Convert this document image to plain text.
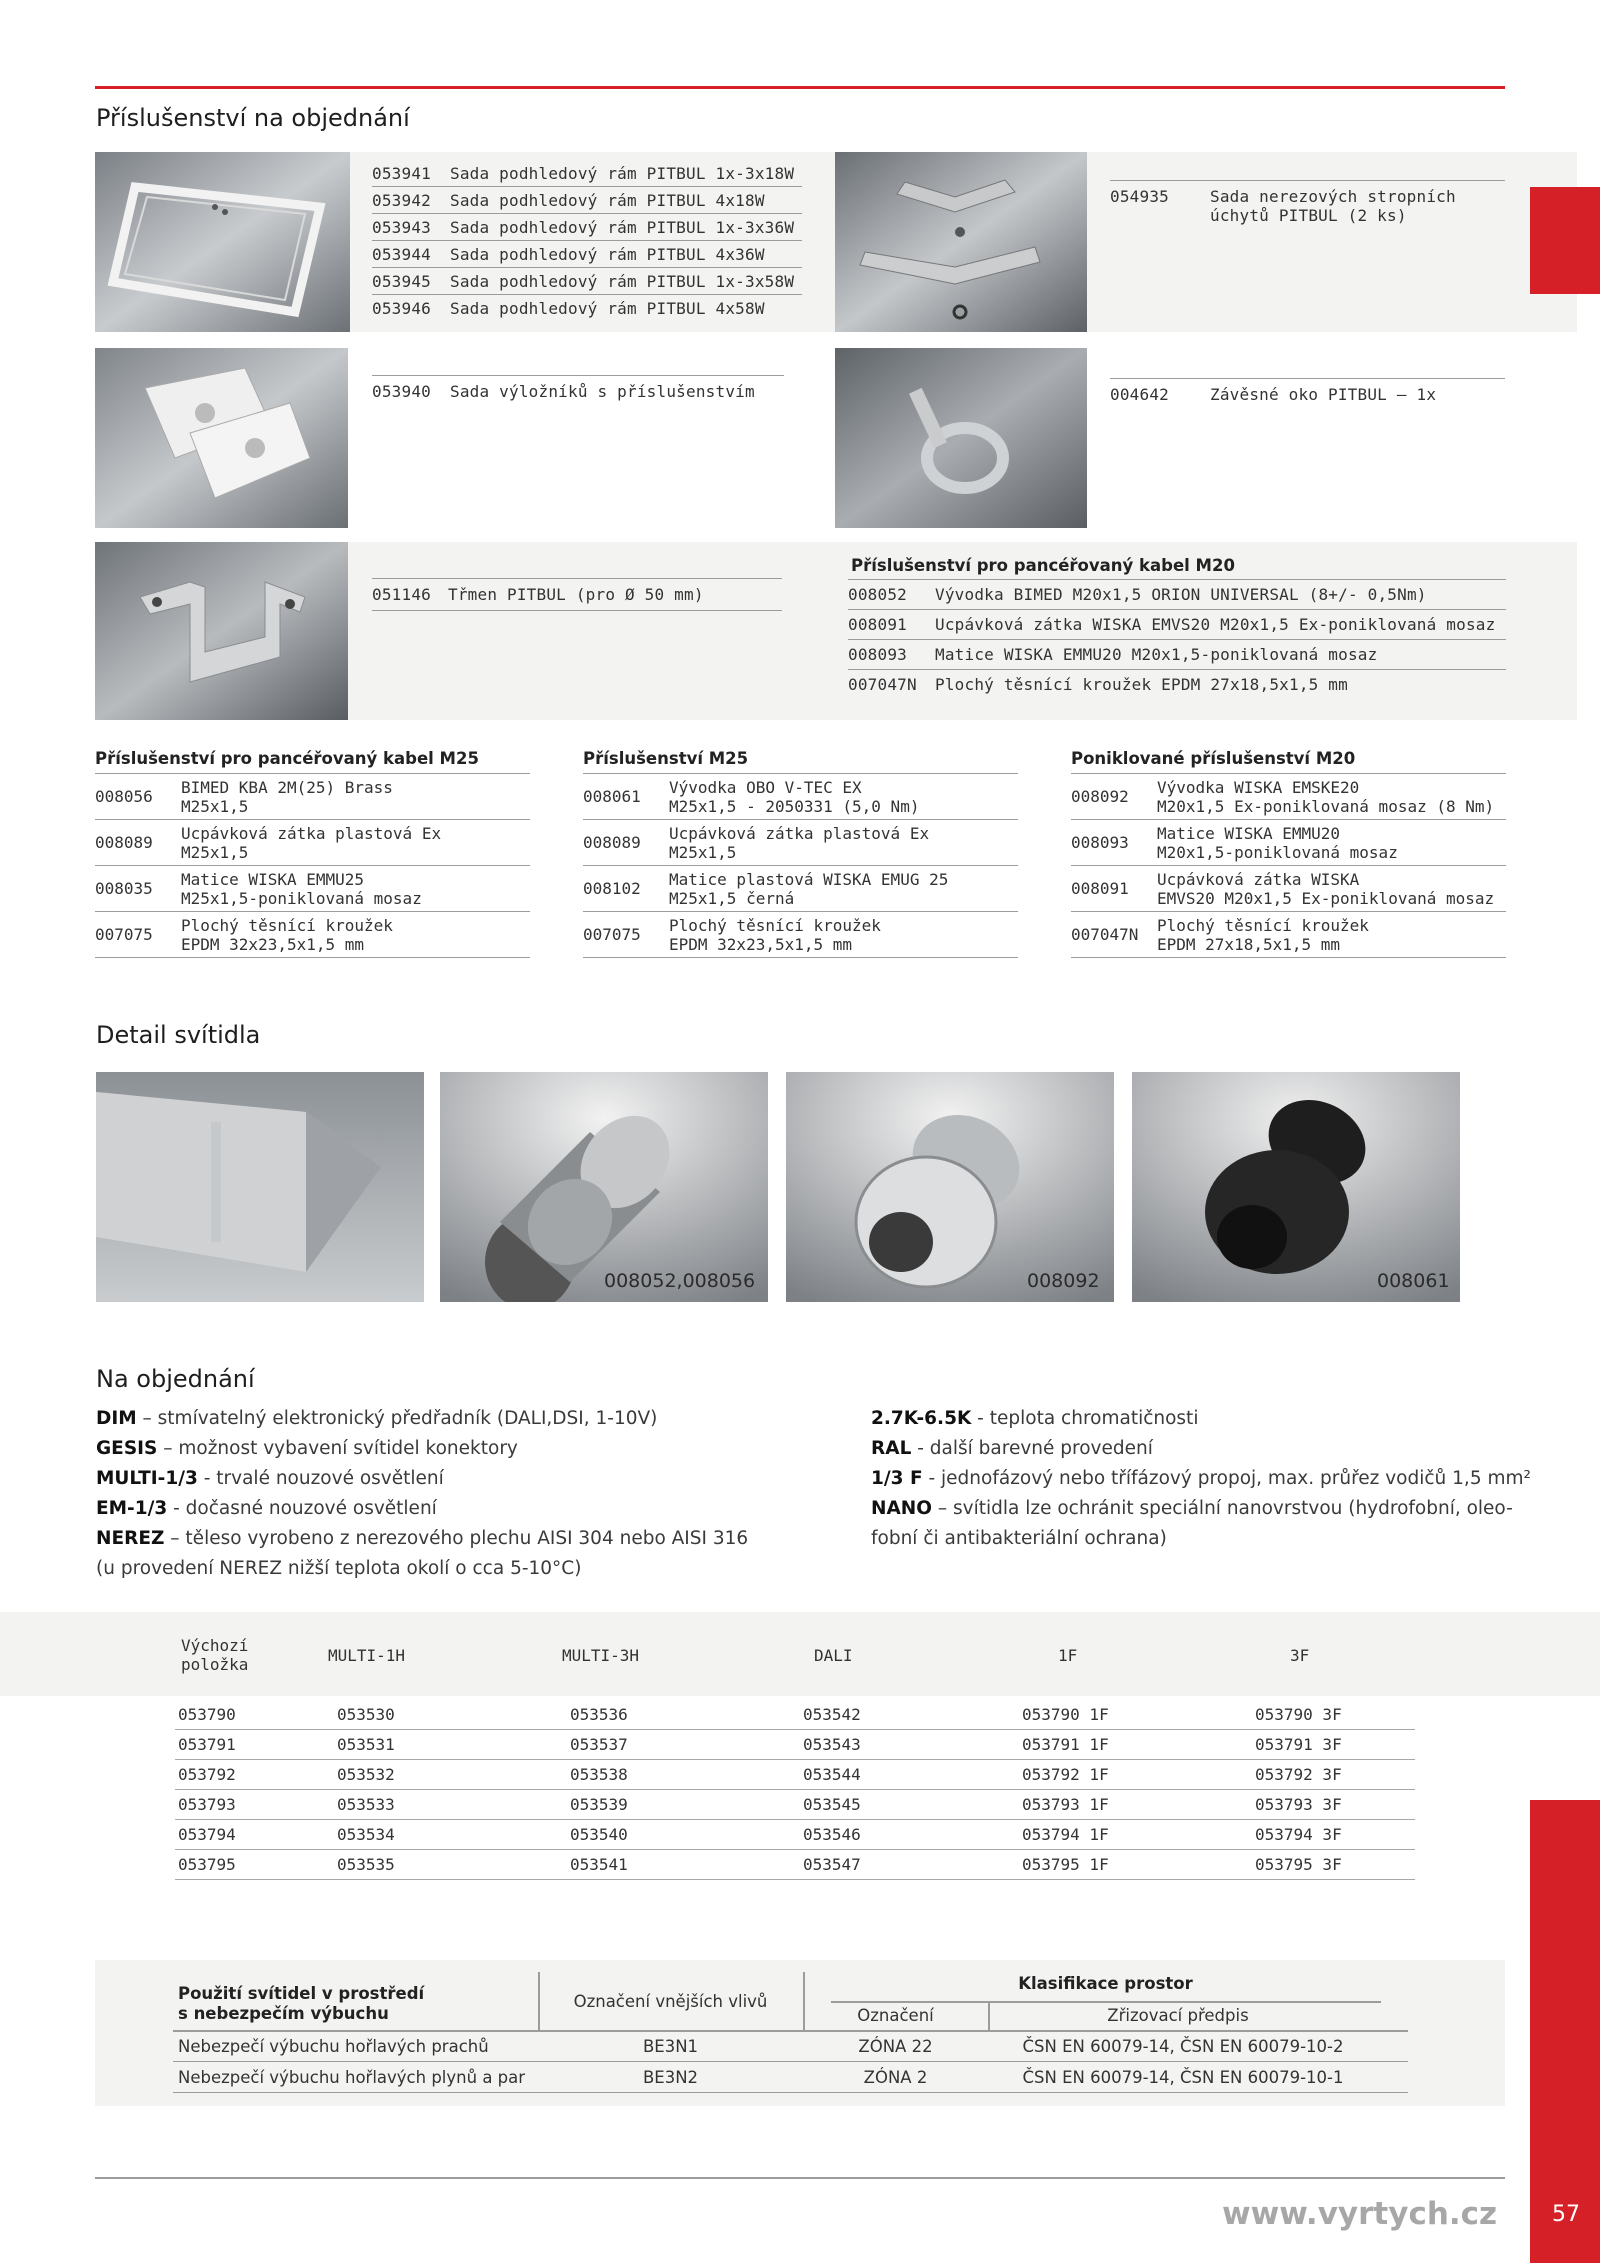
Příslušenství na objednání
053941	Sada podhledový rám PITBUL 1x-3x18W
053942	Sada podhledový rám PITBUL 4x18W
053943	Sada podhledový rám PITBUL 1x-3x36W
053944	Sada podhledový rám PITBUL 4x36W
053945	Sada podhledový rám PITBUL 1x-3x58W
053946	Sada podhledový rám PITBUL 4x58W
054935	Sada nerezových stropních
úchytů PITBUL (2 ks)
053940	Sada výložníků s příslušenstvím	004642	Závěsné oko PITBUL – 1x
051146	Třmen PITBUL (pro Ø 50 mm)
Příslušenství pro pancéřovaný kabel M20
008052	Vývodka BIMED M20x1,5 ORION UNIVERSAL (8+/- 0,5Nm)
008091	Ucpávková zátka WISKA EMVS20 M20x1,5 Ex-poniklovaná mosaz
008093	Matice WISKA EMMU20 M20x1,5-poniklovaná mosaz
007047N	Plochý těsnící kroužek EPDM 27x18,5x1,5 mm
Příslušenství pro pancéřovaný kabel M25
008056	BIMED KBA 2M(25) Brass
M25x1,5
008089	Ucpávková zátka plastová Ex
M25x1,5
008035	Matice WISKA EMMU25
M25x1,5-poniklovaná mosaz
007075	Plochý těsnící kroužek
EPDM 32x23,5x1,5 mm
Příslušenství M25
008061	Vývodka OBO V-TEC EX
M25x1,5 - 2050331 (5,0 Nm)
008089	Ucpávková zátka plastová Ex
M25x1,5
008102	Matice plastová WISKA EMUG 25
M25x1,5 černá
007075	Plochý těsnící kroužek
EPDM 32x23,5x1,5 mm
Poniklované příslušenství M20
008092	Vývodka WISKA EMSKE20
M20x1,5 Ex-poniklovaná mosaz (8 Nm)
008093	Matice WISKA EMMU20
M20x1,5-poniklovaná mosaz
008091	Ucpávková zátka WISKA
EMVS20 M20x1,5 Ex-poniklovaná mosaz
007047N	Plochý těsnící kroužek
EPDM 27x18,5x1,5 mm
Detail svítidla
008052,008056	008092	008061
Na objednání
DIM – stmívatelný elektronický předřadník (DALI,DSI, 1-10V)
GESIS – možnost vybavení svítidel konektory
MULTI-1/3 - trvalé nouzové osvětlení
EM-1/3 - dočasné nouzové osvětlení
NEREZ – těleso vyrobeno z nerezového plechu AISI 304 nebo AISI 316
(u provedení NEREZ nižší teplota okolí o cca 5-10°C)
2.7K-6.5K - teplota chromatičnosti
RAL - další barevné provedení
1/3 F - jednofázový nebo třífázový propoj, max. průřez vodičů 1,5 mm²
NANO – svítidla lze ochránit speciální nanovrstvou (hydrofobní, oleo-
fobní či antibakteriální ochrana)
Výchozí
položka	MULTI-1H	MULTI-3H	DALI	1F	3F
053790	053530	053536	053542	053790 1F	053790 3F
053791	053531	053537	053543	053791 1F	053791 3F
053792	053532	053538	053544	053792 1F	053792 3F
053793	053533	053539	053545	053793 1F	053793 3F
053794	053534	053540	053546	053794 1F	053794 3F
053795	053535	053541	053547	053795 1F	053795 3F
Použití svítidel v prostředí
s nebezpečím výbuchu
Označení vnějších vlivů
Klasifikace prostor
Označení	Zřizovací předpis
Nebezpečí výbuchu hořlavých prachů	BE3N1	ZÓNA 22	ČSN EN 60079-14, ČSN EN 60079-10-2
Nebezpečí výbuchu hořlavých plynů a par	BE3N2	ZÓNA 2	ČSN EN 60079-14, ČSN EN 60079-10-1
www.vyrtych.cz 57
